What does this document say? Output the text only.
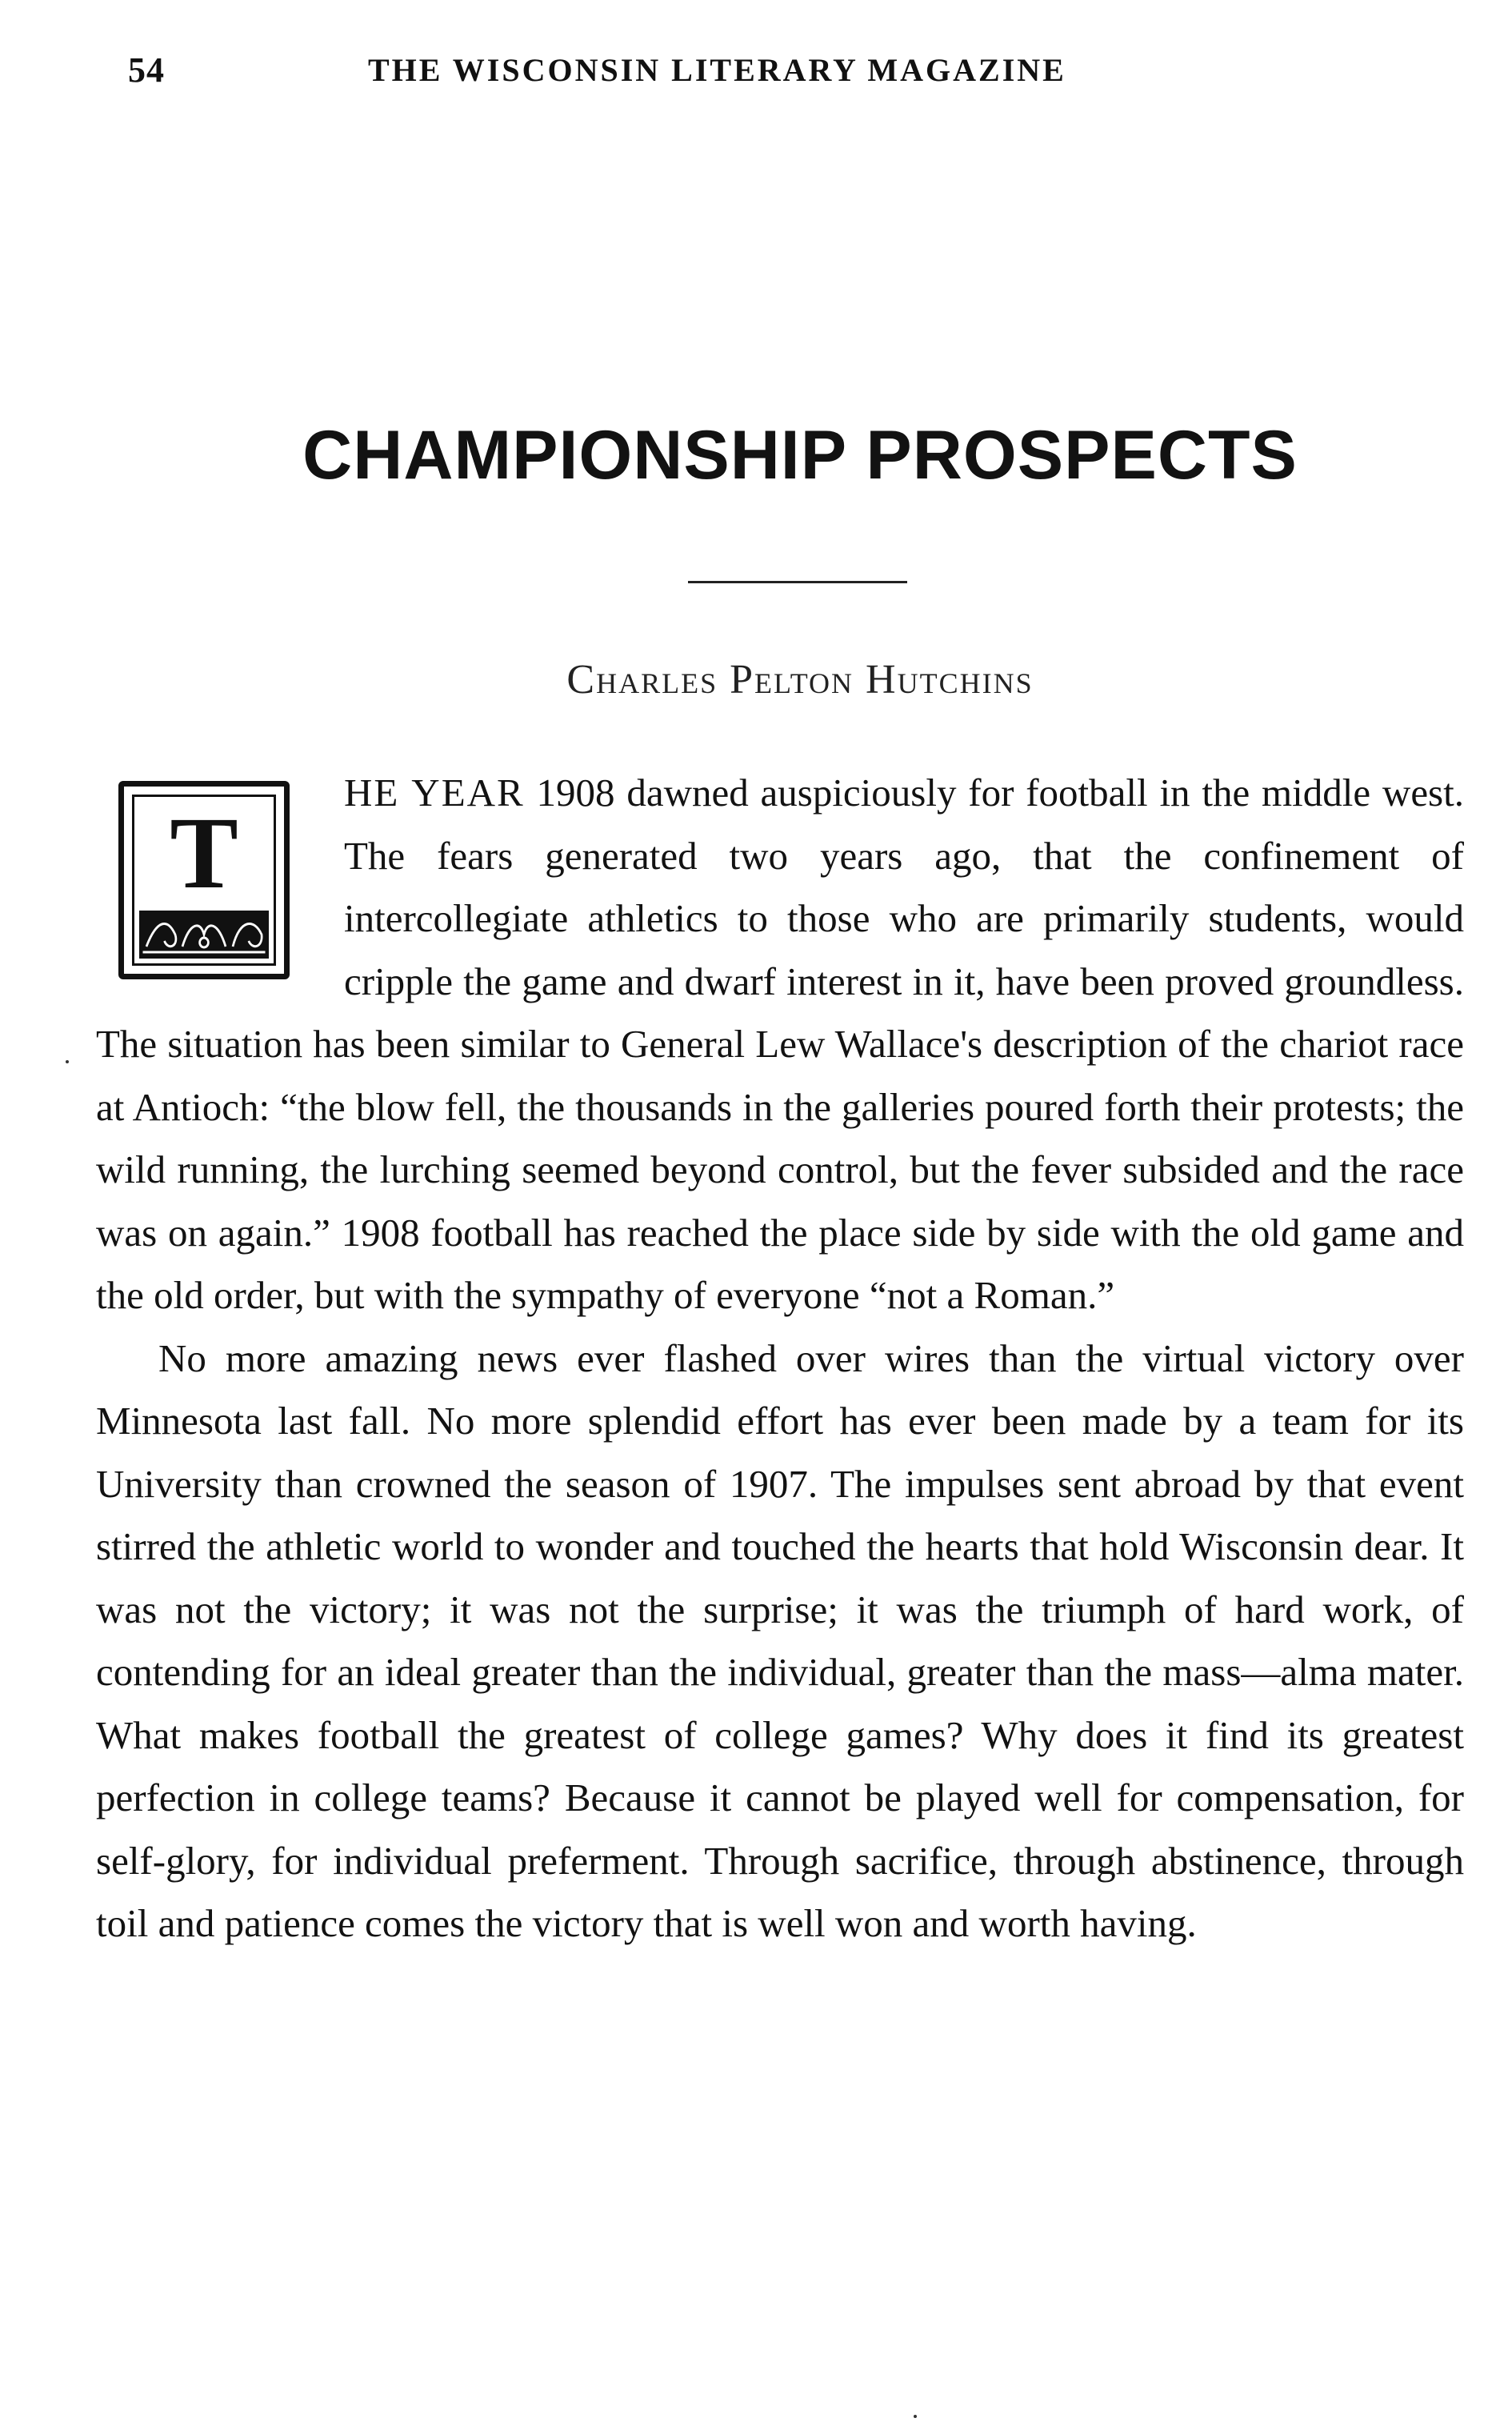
54	THE WISCONSIN LITERARY MAGAZINE
CHAMPIONSHIP PROSPECTS
Charles Pelton Hutchins
T

HE YEAR 1908 dawned auspiciously for football in the middle west. The fears generated two years ago, that the confinement of intercollegiate athletics to those who are primarily students, would cripple the game and dwarf interest in it, have been proved groundless. The situation has been similar to General Lew Wallace's description of the chariot race at Antioch: “the blow fell, the thousands in the galleries poured forth their protests; the wild running, the lurching seemed beyond control, but the fever subsided and the race was on again.” 1908 football has reached the place side by side with the old game and the old order, but with the sympathy of everyone “not a Roman.”

No more amazing news ever flashed over wires than the virtual victory over Minnesota last fall. No more splendid effort has ever been made by a team for its University than crowned the season of 1907. The impulses sent abroad by that event stirred the athletic world to wonder and touched the hearts that hold Wisconsin dear. It was not the victory; it was not the surprise; it was the triumph of hard work, of contending for an ideal greater than the individual, greater than the mass—alma mater. What makes football the greatest of college games? Why does it find its greatest perfection in college teams? Because it cannot be played well for compensation, for self-glory, for individual preferment. Through sacrifice, through abstinence, through toil and patience comes the victory that is well won and worth having.
